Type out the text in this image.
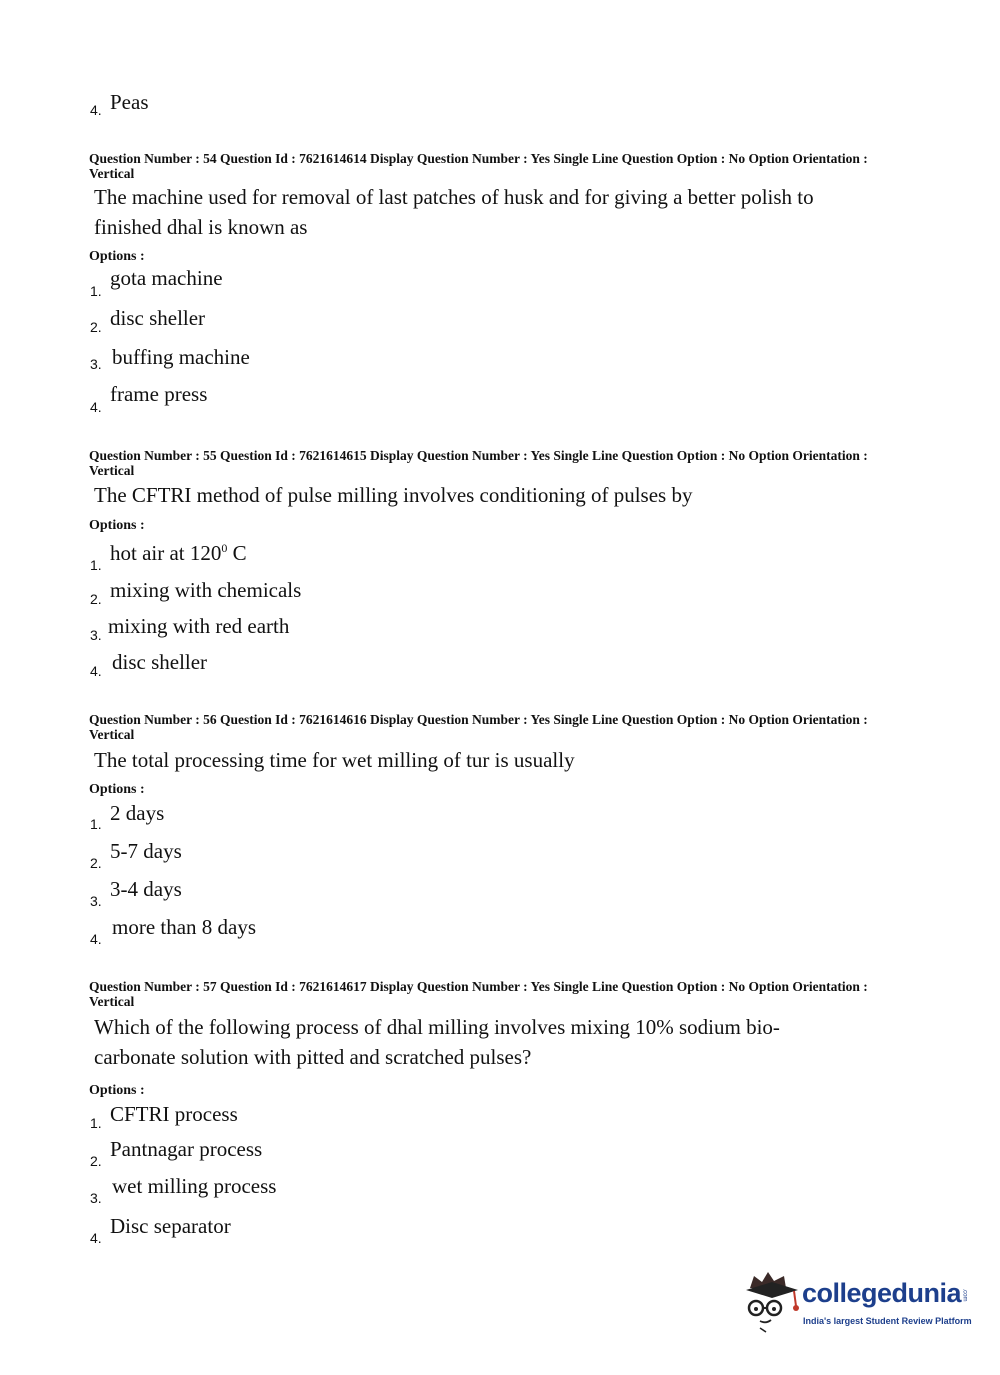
4. Peas
Question Number : 54 Question Id : 7621614614 Display Question Number : Yes Single Line Question Option : No Option Orientation : Vertical
The machine used for removal of last patches of husk and for giving a better polish to finished dhal is known as
Options :
1.
gota machine
2. disc sheller
3. buffing machine
4.
frame press
Question Number : 55 Question Id : 7621614615 Display Question Number : Yes Single Line Question Option : No Option Orientation : Vertical
The CFTRI method of pulse milling involves conditioning of pulses by
Options :
1. hot air at $120^0$ C
2. mixing with chemicals
3. mixing with red earth
4. disc sheller
Question Number : 56 Question Id : 7621614616 Display Question Number : Yes Single Line Question Option : No Option Orientation : Vertical
The total processing time for wet milling of tur is usually
Options :
1. 2 days
2. 5-7 days
3. 3-4 days
4. more than 8 days
Question Number : 57 Question Id : 7621614617 Display Question Number : Yes Single Line Question Option : No Option Orientation : Vertical
Which of the following process of dhal milling involves mixing 10% sodium bio-carbonate solution with pitted and scratched pulses?
Options :
1. CFTRI process
2. Pantnagar process
3. wet milling process
4. Disc separator
collegedunia .com
India's largest Student Review Platform
